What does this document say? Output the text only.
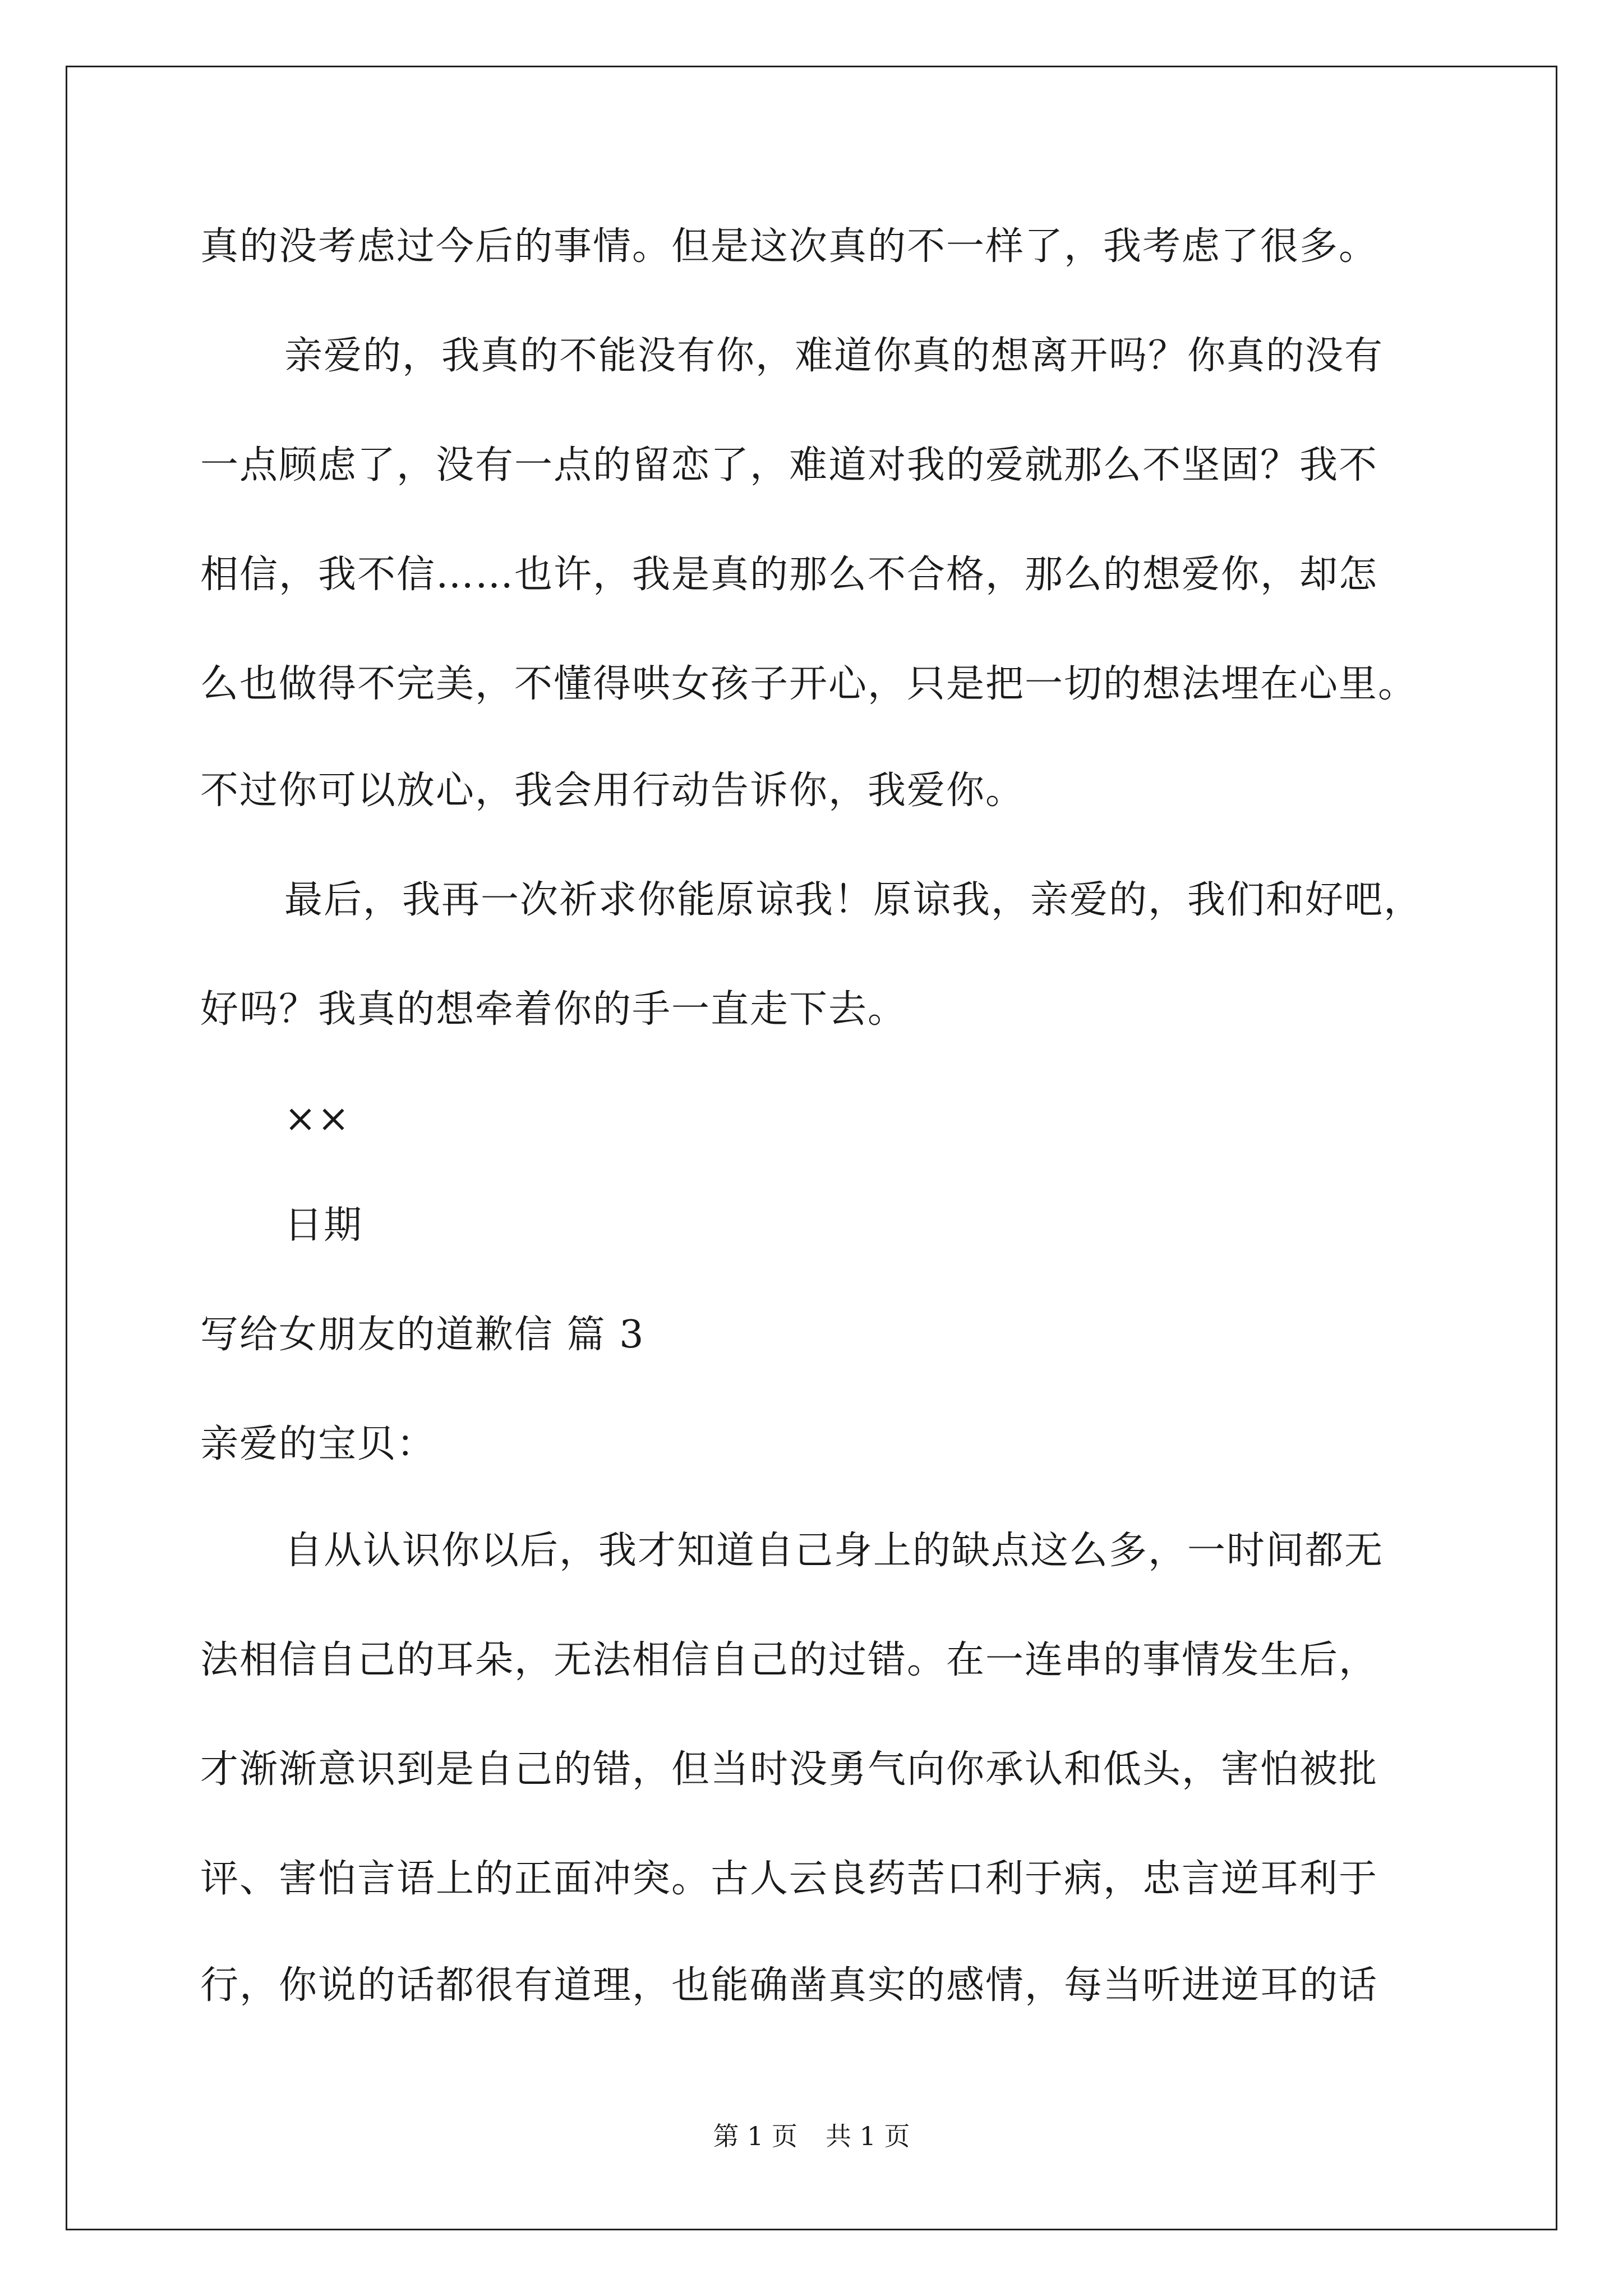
真的没考虑过今后的事情。但是这次真的不一样了，我考虑了很多。
亲爱的，我真的不能没有你，难道你真的想离开吗？你真的没有
一点顾虑了，没有一点的留恋了，难道对我的爱就那么不坚固？我不
相信，我不信……也许，我是真的那么不合格，那么的想爱你，却怎
么也做得不完美，不懂得哄女孩子开心，只是把一切的想法埋在心里。
不过你可以放心，我会用行动告诉你，我爱你。
最后，我再一次祈求你能原谅我！原谅我，亲爱的，我们和好吧，
好吗？我真的想牵着你的手一直走下去。
××
日期
写给女朋友的道歉信 篇 3
亲爱的宝贝：
自从认识你以后，我才知道自己身上的缺点这么多，一时间都无
法相信自己的耳朵，无法相信自己的过错。在一连串的事情发生后，
才渐渐意识到是自己的错，但当时没勇气向你承认和低头，害怕被批
评、害怕言语上的正面冲突。古人云良药苦口利于病，忠言逆耳利于
行，你说的话都很有道理，也能确凿真实的感情，每当听进逆耳的话
第 1 页 共 1 页
